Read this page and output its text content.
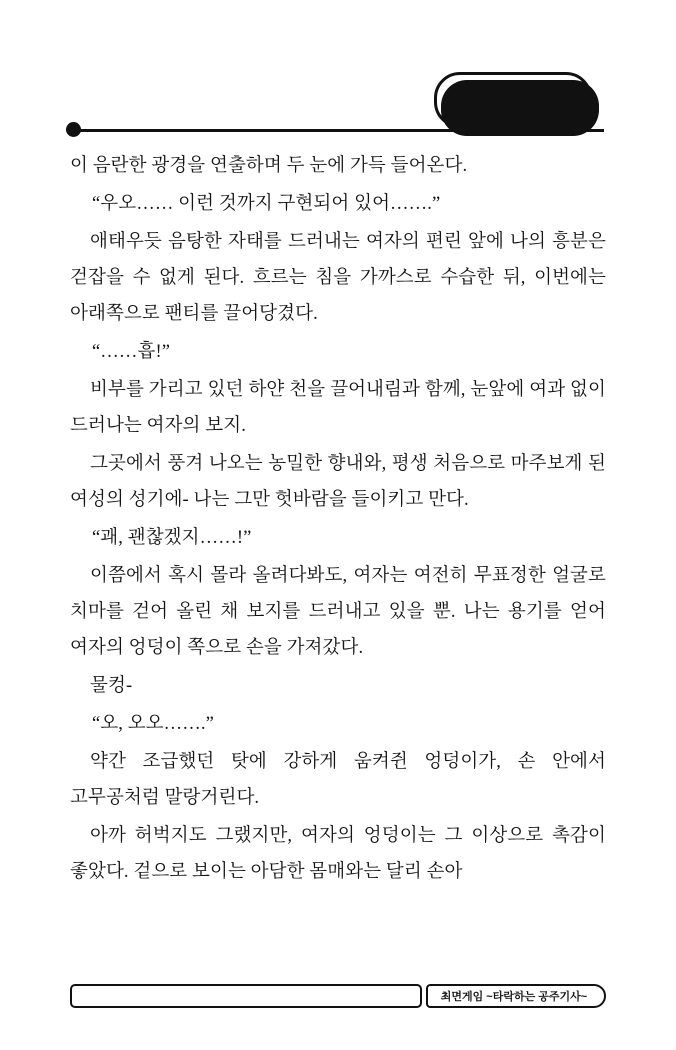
69

이 음란한 광경을 연출하며 두 눈에 가득 들어온다.

“우오…… 이런 것까지 구현되어 있어…….”

애태우듯 음탕한 자태를 드러내는 여자의 편린 앞에 나의 흥분은 걷잡을 수 없게 된다. 흐르는 침을 가까스로 수습한 뒤, 이번에는 아래쪽으로 팬티를 끌어당겼다.

“……흡!”

비부를 가리고 있던 하얀 천을 끌어내림과 함께, 눈앞에 여과 없이 드러나는 여자의 보지.

그곳에서 풍겨 나오는 농밀한 향내와, 평생 처음으로 마주보게 된 여성의 성기에- 나는 그만 헛바람을 들이키고 만다.

“괘, 괜찮겠지……!”

이쯤에서 혹시 몰라 올려다봐도, 여자는 여전히 무표정한 얼굴로 치마를 걷어 올린 채 보지를 드러내고 있을 뿐. 나는 용기를 얻어 여자의 엉덩이 쪽으로 손을 가져갔다.

물컹-

“오, 오오…….”

약간 조급했던 탓에 강하게 움켜쥔 엉덩이가, 손 안에서 고무공처럼 말랑거린다.

아까 허벅지도 그랬지만, 여자의 엉덩이는 그 이상으로 촉감이 좋았다. 겉으로 보이는 아담한 몸매와는 달리 손아

최면게임 ~타락하는 공주기사~
